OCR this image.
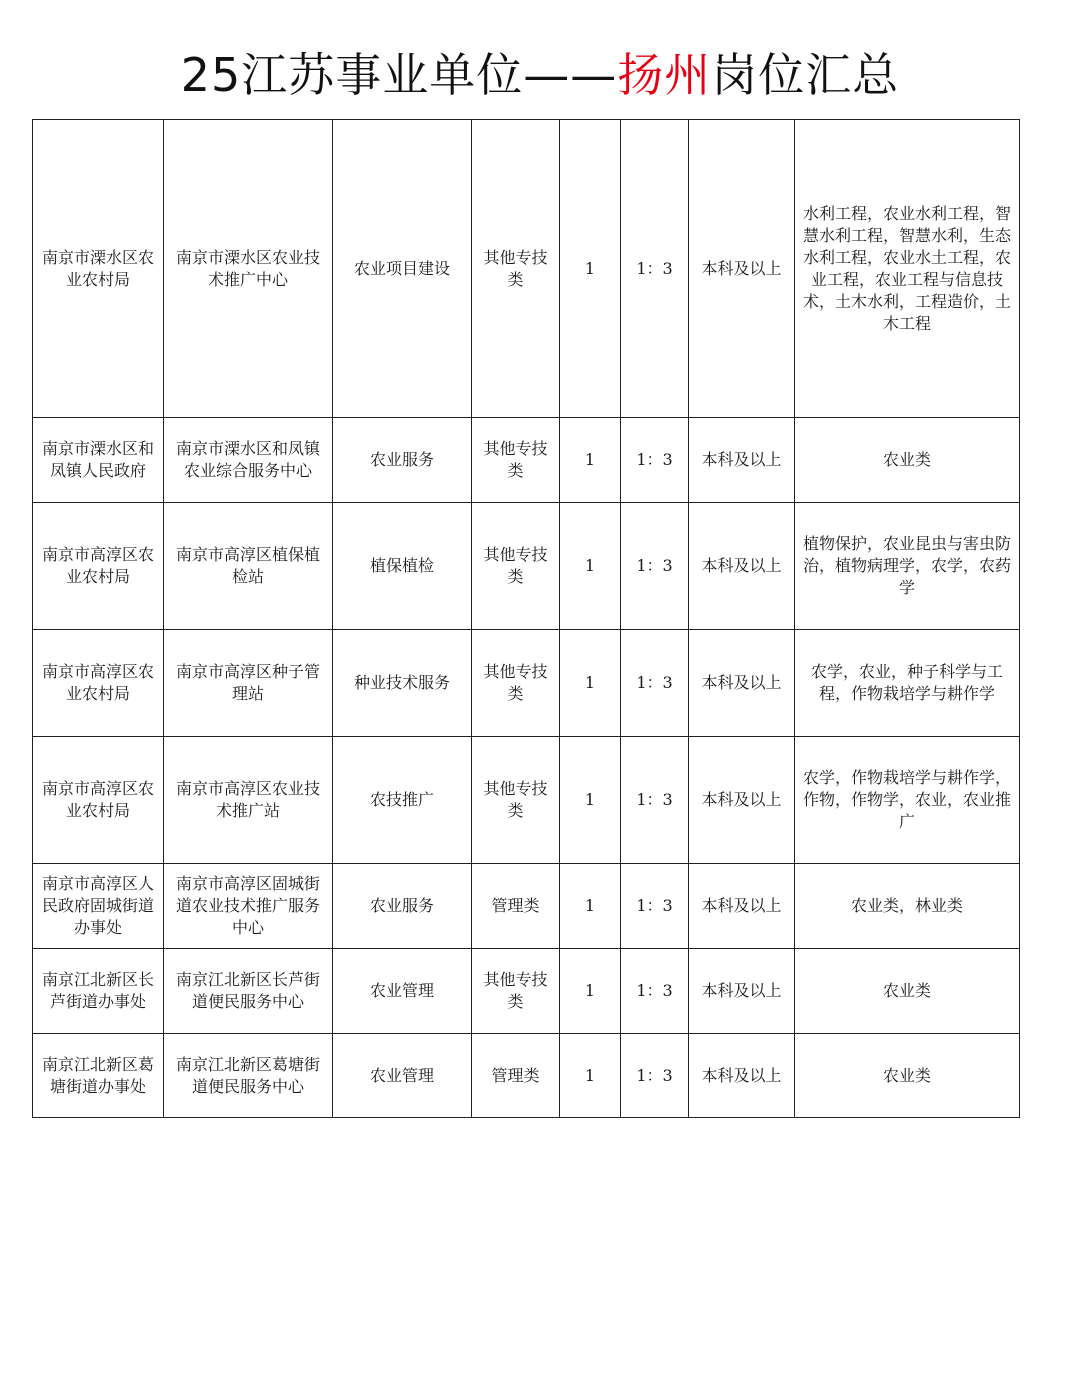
25江苏事业单位——扬州岗位汇总
南京市溧水区农业农村局	南京市溧水区农业技术推广中心	农业项目建设	其他专技类	1	1：3	本科及以上	水利工程，农业水利工程，智慧水利工程，智慧水利，生态水利工程，农业水土工程，农业工程，农业工程与信息技术，土木水利，工程造价，土木工程
南京市溧水区和凤镇人民政府	南京市溧水区和凤镇农业综合服务中心	农业服务	其他专技类	1	1：3	本科及以上	农业类
南京市高淳区农业农村局	南京市高淳区植保植检站	植保植检	其他专技类	1	1：3	本科及以上	植物保护，农业昆虫与害虫防治，植物病理学，农学，农药学
南京市高淳区农业农村局	南京市高淳区种子管理站	种业技术服务	其他专技类	1	1：3	本科及以上	农学，农业，种子科学与工程，作物栽培学与耕作学
南京市高淳区农业农村局	南京市高淳区农业技术推广站	农技推广	其他专技类	1	1：3	本科及以上	农学，作物栽培学与耕作学，作物，作物学，农业，农业推广
南京市高淳区人民政府固城街道办事处	南京市高淳区固城街道农业技术推广服务中心	农业服务	管理类	1	1：3	本科及以上	农业类，林业类
南京江北新区长芦街道办事处	南京江北新区长芦街道便民服务中心	农业管理	其他专技类	1	1：3	本科及以上	农业类
南京江北新区葛塘街道办事处	南京江北新区葛塘街道便民服务中心	农业管理	管理类	1	1：3	本科及以上	农业类
